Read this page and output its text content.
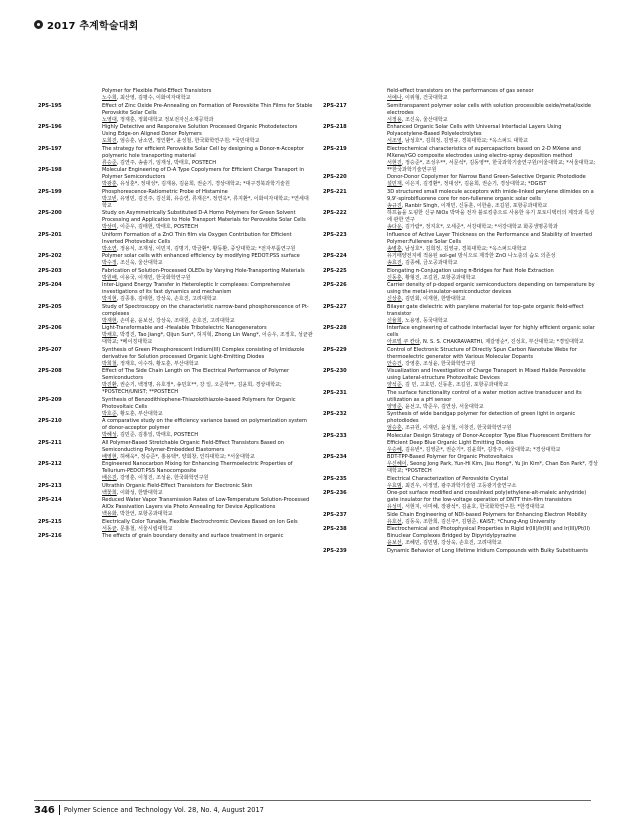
2017 추계학술대회

Polymer for Flexible Field-Effect Transistors

노수희, 최산영, 김평수, 이화여자대학교

2PS-195	Effect of Zinc Oxide Pre-Annealing on Formation of Perovskite Thin Films for Stable Perovskite Solar Cells

노영대, 정재훈, 정회대학교 정보전자신소재공학과

2PS-196	Highly Detective and Responsive Solution Processed Organic Photodetectors Using Edge-on Aligned Donor Polymers

도희진, 엄승훈, 남소연, 정인환*, 윤성철, 한국화학연구원; *국민대학교

2PS-197	The strategy for efficient Perovskite Solar Cell by designing a Donor-π-Acceptor polymeric hole transporting material

류승준, 김연주, 송솔기, 임재성, 박태호, POSTECH

2PS-198	Molecular Engineering of D-A Type Copolymers for Efficient Charge Transport in Polymer Semiconductors

박광훈, 유성훈*, 정대성*, 김재용, 김윤희, 권순기, 경상대학교; *대구경북과학기술원

2PS-199	Phosphorescence-Ratiometric Probe of Histamine

박고빈, 유영민, 김진주, 김신회, 유승연, 류재은*, 정연옥*, 류지환*, 이화여자대학교; *연세대학교

2PS-200	Study on Asymmetrically Substituted D-A Homo Polymers for Green Solvent Processing and Application to Hole Transport Materials for Perovskite Solar Cells

박상미, 이준우, 김태헌, 박태호, POSTECH

2PS-201	Uniform Formation of a ZnO Thin film via Oxygen Contribution for Efficient Inverted Photovoltaic Cells

박소연, 정용식, 조재성, 이민지, 김명기, 박금환*, 황동환, 중앙대학교; *전자부품연구원

2PS-202	Polymer solar cells with enhanced efficiency by modifying PEDOT:PSS surface

박수정, 조신욱, 울산대학교

2PS-203	Fabrication of Solution-Processed OLEDs by Varying Hole-Transporting Materials

박원배, 이용국, 이재민, 한국화학연구원

2PS-204	Inter-Ligand Energy Transfer in Heteroleptic Ir complexes: Comprehensive investigations of its fast dynamics and mechanism

박지현, 김종홍, 김태헌, 강상욱, 손호진, 고려대학교

2PS-205	Study of Spectroscopy on the characteristic narrow-band phosphorescence of Pt-complexes

박재현, 손미윤, 윤보선, 강상욱, 조대원, 손호진, 고려대학교

2PS-206	Light-Transformable and -Healable Tribotelectric Nanogenerators

박채호, 박경진, Tao Jiang*, Qijun Sun*, 허지혁, Zhong Lin Wang*, 이승우, 조정호, 성균관대학교; *베이징대학교

2PS-207	Synthesis of Green Phosphorescent Iridium(III) Complex consisting of Imidazole derivative for Solution processed Organic Light-Emitting Diodes

박희철, 정재호, 이수하, 황도훈, 부산대학교

2PS-208	Effect of The Side Chain Length on The Electrical Performance of Polymer Semiconductors

박진환, 권순기, 백정명, 유호정*, 송민호**, 강 일, 오준학**, 김윤희, 경상대학교; *POSTECH/UNIST; **POSTECH

2PS-209	Synthesis of Benzodithiophene-Thiazolothiazole-based Polymers for Organic Photovoltaic Cells

박호준, 황도훈, 부산대학교

2PS-210	A comparative study on the efficiency variance based on polymerization system of donor-acceptor polymer

박혜성, 김민준, 김홍일, 박태호, POSTECH

2PS-211	All Polymer-Based Stretchable Organic Field-Effect Transistors Based on Semiconducting Polymer-Embedded Elastomers

배영현, 허해욱*, 정승준*, 홍용택*, 양회창, 인하대학교; *서울대학교

2PS-212	Engineered Nanocarbon Mixing for Enhancing Thermoelectric Properties of Tellurium-PEDOT:PSS Nanocomposite

배은진, 강영훈, 이청진, 조성윤, 한국화학연구원

2PS-213	Ultrathin Organic Field-Effect Transistors for Electronic Skin

백꽃희, 이화성, 한밭대학교

2PS-214	Reduced Water Vapor Transmission Rates of Low-Temperature Solution-Processed AlOx Passivation Layers via Photo Annealing for Device Applications

백용화, 박찬언, 포항공과대학교

2PS-215	Electrically Color Tunable, Flexible Electrochromic Devices Based on Ion Gels

서동균, 문홍철, 서울시립대학교

2PS-216	The effects of grain boundary density and surface treatment in organic

field-effect transistors on the performances of gas sensor

서예나, 이위형, 건국대학교

2PS-217	Semitransparent polymer solar cells with solution processible oxide/metal/oxide electrodes

서정용, 조신욱, 울산대학교

2PS-218	Enhanced Organic Solar Cells with Universal Interfacial Layers Using Polyacetylene-Based Polyelectrolytes

서조영, 남성호*, 김희정, 김영규, 경북대학교; *옥스퍼드 대학교

2PS-219	Electrochemical characteristics of supercapacitors based on 2-D MXene and MXene/rGO composite electrodes using electro-spray deposition method

서현진, 정승준*, 조성우**, 서문석*, 김동영**, 한국과학기술연구원/서울대학교; *서울대학교; **한국과학기술연구원

2PS-220	Donor-Donor Copolymer for Narrow Band Green-Selective Organic Photodiode

설민재, 이은지, 김경환*, 정대성*, 김윤희, 권순기, 경상대학교; *DGIST

2PS-221	3D structured small molecule acceptors with imide-linked perylene diimides on a 9,9'-spirobifluorene core for non-fullerene organic solar cells

송규진, Ranbir Singh, 이재민, 신동훈, 이한솔, 조길원, 포항공과대학교

2PS-222	하프늄을 도핑한 신규 NiOx 박막을 전자 블로킹층으로 사용한 유기 포토디텍터의 제작과 특성에 관한 연구

송다운, 김가람*, 정지호*, 오세준*, 서강대학교; *서강대학교 화공생명공학과

2PS-223	Influence of Active Layer Thickness on the Performance and Stability of Inverted Polymer:Fullerene Solar Cells

송병훈, 남성호*, 김희정, 김영규, 경북대학교; *옥스퍼드대학교

2PS-224	유기태양전지에 적용된 sol-gel 방식으로 제작한 ZnO 나노층의 습도 의존성

송효진, 김종혜, 금오공과대학교

2PS-225	Elongating π-Conjugation using π-Bridges for Fast Hole Extraction

신동훈, 황형진, 조길원, 포항공과대학교

2PS-226	Carrier density of p-doped organic semiconductors depending on temperature by using the metal-insulator-semiconductor devices

신상훈, 김민회, 이재현, 한밭대학교

2PS-227	Bilayer gate dielectric with parylene material for top-gate organic field-effect transistor

신율희, 노용영, 동국대학교

2PS-228	Interface engineering of cathode interfacial layer for highly efficient organic solar cells

아르빌 쿠 칸타, N. S. S. CHAKRAVARTHI, 제갈영순*, 진성호, 부산대학교; *경일대학교

2PS-229	Control of Electronic Structure of Directly Spun Carbon Nanotube Webs for thermoelectric generator with Various Molecular Dopants

안승건, 강영훈, 조성윤, 한국화학연구원

2PS-230	Visualization and Investigation of Charge Transport in Mixed Halide Perovskite using Lateral-structure Photovoltaic Devices

양석준, 김 민, 고효민, 신동훈, 조길원, 포항공과대학교

2PS-231	The surface functionality control of a water motion active transducer and its utilization as a pH sensor

양영준, 윤선고, 박준우, 김연상, 서울대학교

2PS-232	Synthesis of wide bandgap polymer for detection of green light in organic photodiodes

엄승훈, 조규원, 이재민, 윤성철, 이창진, 한국화학연구원

2PS-233	Molecular Design Strategy of Donor-Acceptor Type Blue Fluorescent Emitters for Efficient Deep Blue Organic Light Emitting Diodes

우승혜, 김유빈*, 김영준*, 권순기*, 김윤희*, 김장주, 서울대학교; *경상대학교

2PS-234	BDT-TPP-Based Polymer for Organic Photovoltaics

우신혜이, Seong Jong Park, Yun-Hi Kim, Jisu Hong*, Yu Jin Kim*, Chan Eon Park*, 경상대학교; *POSTECH

2PS-235	Electrical Characterization of Perovskite Crystal

우효범, 최진우, 이정열, 광주과학기술원 고등광기술연구소

2PS-236	One-pot surface modified and crosslinked poly(ethylene-alt-maleic anhydride) gate insulator for the low-voltage operation of DNTT thin-film transistors

유성미, 서현지, 이미혜, 장광석*, 김윤호, 한국화학연구원; *한경대학교

2PS-237	Side Chain Engineering of NDI-based Polymers for Enhancing Electron Mobility

유호선, 김동욱, 조한희, 김신주*, 김범준, KAIST; *Chung-Ang University

2PS-238	Electrochemical and Photophysical Properties in Rigid Ir(III)/Ir(III) and Ir(III)/Pt(II) Binuclear Complexes Bridged by Dipyridylpyrazine

윤보선, 조혜민, 김민범, 강상욱, 손호진, 고려대학교

2PS-239	Dynamic Behavior of Long lifetime Iridium Compounds with Bulky Substituents

346 Polymer Science and Technology Vol. 28, No. 4, August 2017
